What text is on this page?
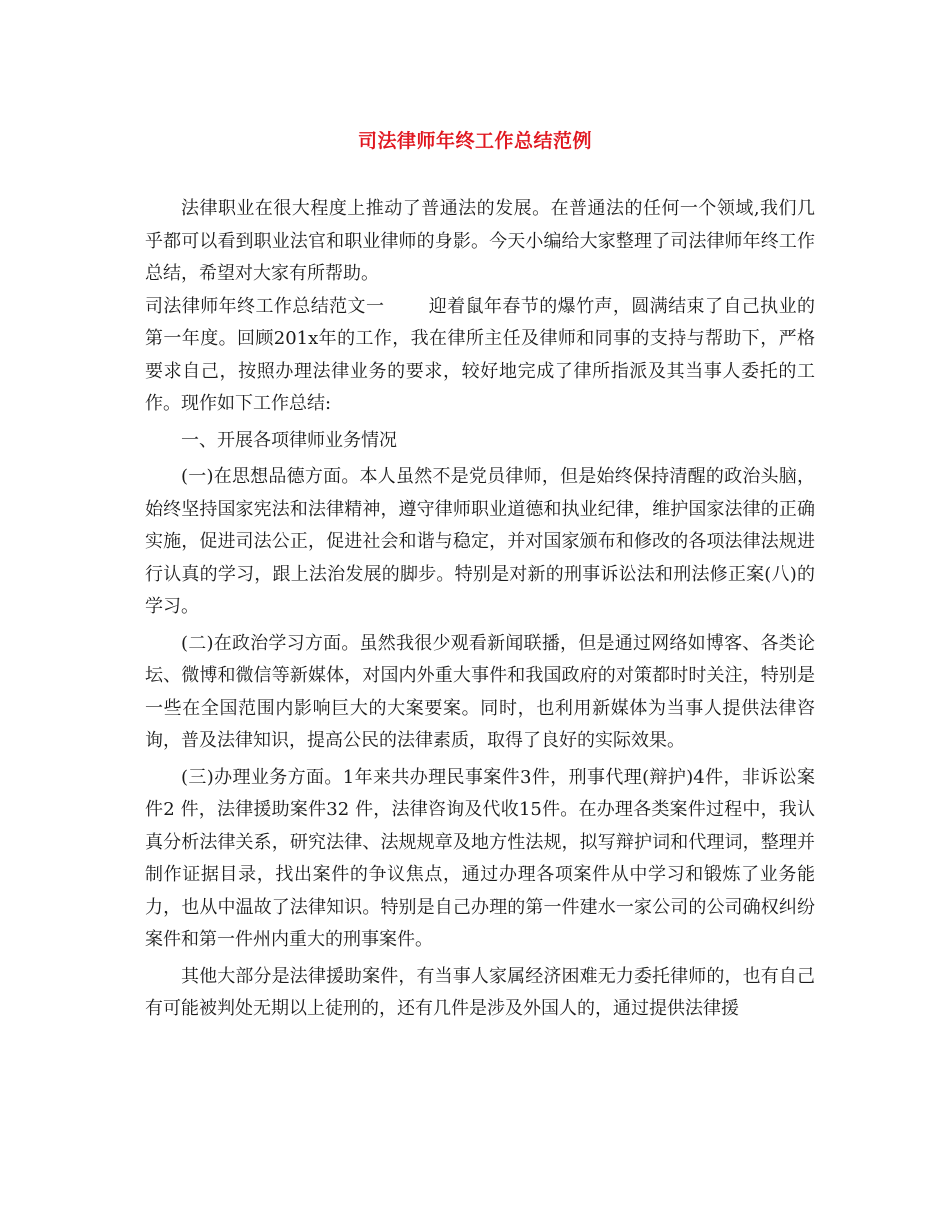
司法律师年终工作总结范例

法律职业在很大程度上推动了普通法的发展。在普通法的任何一个领域,我们几乎都可以看到职业法官和职业律师的身影。今天小编给大家整理了司法律师年终工作总结，希望对大家有所帮助。

司法律师年终工作总结范文一 迎着鼠年春节的爆竹声，圆满结束了自己执业的第一年度。回顾201x年的工作，我在律所主任及律师和同事的支持与帮助下，严格要求自己，按照办理法律业务的要求，较好地完成了律所指派及其当事人委托的工作。现作如下工作总结:

一、开展各项律师业务情况

(一)在思想品德方面。本人虽然不是党员律师，但是始终保持清醒的政治头脑，始终坚持国家宪法和法律精神，遵守律师职业道德和执业纪律，维护国家法律的正确实施，促进司法公正，促进社会和谐与稳定，并对国家颁布和修改的各项法律法规进行认真的学习，跟上法治发展的脚步。特别是对新的刑事诉讼法和刑法修正案(八)的学习。

(二)在政治学习方面。虽然我很少观看新闻联播，但是通过网络如博客、各类论坛、微博和微信等新媒体，对国内外重大事件和我国政府的对策都时时关注，特别是一些在全国范围内影响巨大的大案要案。同时，也利用新媒体为当事人提供法律咨询，普及法律知识，提高公民的法律素质，取得了良好的实际效果。

(三)办理业务方面。1年来共办理民事案件3件，刑事代理(辩护)4件，非诉讼案件2 件，法律援助案件32 件，法律咨询及代收15件。在办理各类案件过程中，我认真分析法律关系，研究法律、法规规章及地方性法规，拟写辩护词和代理词，整理并制作证据目录，找出案件的争议焦点，通过办理各项案件从中学习和锻炼了业务能力，也从中温故了法律知识。特别是自己办理的第一件建水一家公司的公司确权纠纷案件和第一件州内重大的刑事案件。

其他大部分是法律援助案件，有当事人家属经济困难无力委托律师的，也有自己有可能被判处无期以上徒刑的，还有几件是涉及外国人的，通过提供法律援
